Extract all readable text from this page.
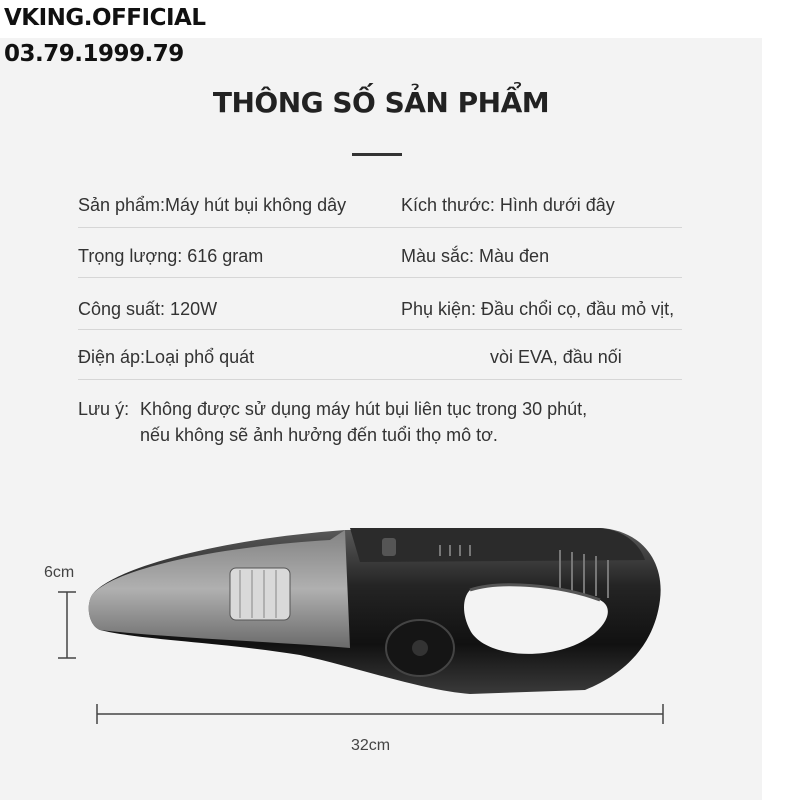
VKING.OFFICIAL
03.79.1999.79
THÔNG SỐ SẢN PHẨM
Sản phẩm:Máy hút bụi không dây	Kích thước: Hình dưới đây
Trọng lượng: 616 gram	Màu sắc: Màu đen
Công suất: 120W	Phụ kiện: Đầu chổi cọ, đầu mỏ vịt,
Điện áp:Loại phổ quát	vòi EVA, đầu nối
Lưu ý: Không được sử dụng máy hút bụi liên tục trong 30 phút,
nếu không sẽ ảnh hưởng đến tuổi thọ mô tơ.
6cm
32cm
